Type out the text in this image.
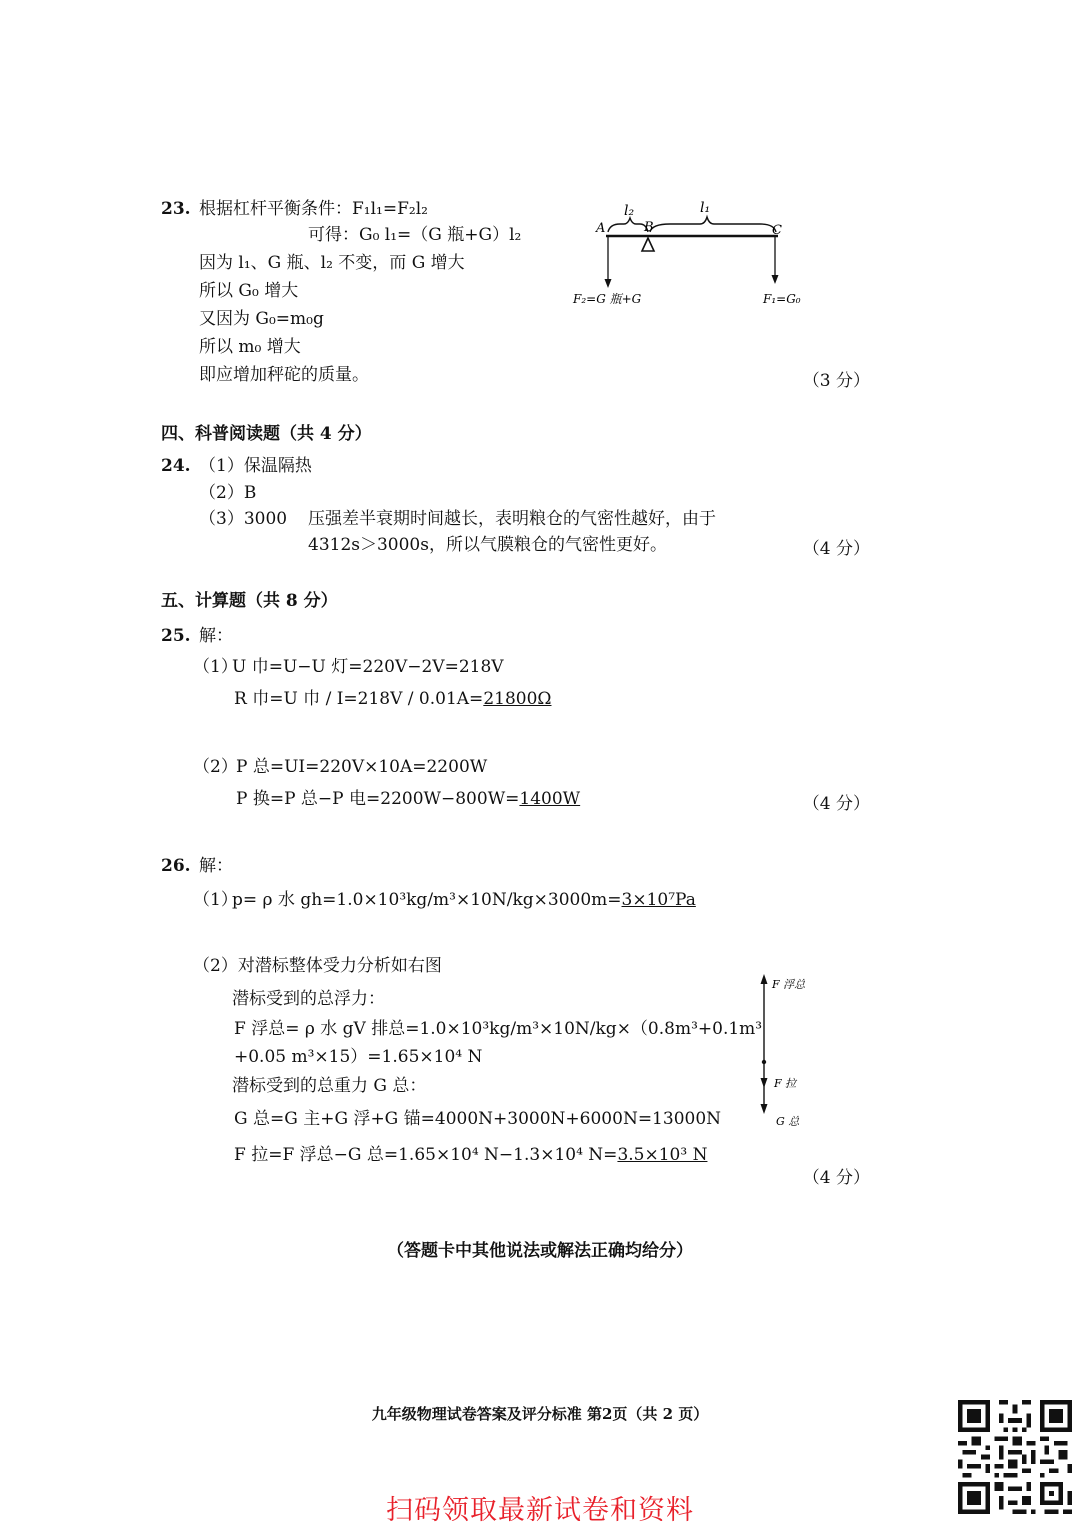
23. 根据杠杆平衡条件：F₁l₁=F₂l₂
可得：G₀ l₁=（G 瓶+G）l₂
因为 l₁、G 瓶、l₂ 不变，而 G 增大
所以 G₀ 增大
又因为 G₀=m₀g
所以 m₀ 增大
即应增加秤砣的质量。	（3 分）
l₂	l₁
A	B	C
F₂=G 瓶+G	F₁=G₀
四、科普阅读题（共 4 分）
24. （1）保温隔热
（2）B
（3）3000 压强差半衰期时间越长，表明粮仓的气密性越好，由于
4312s＞3000s，所以气膜粮仓的气密性更好。	（4 分）
五、计算题（共 8 分）
25. 解：
（1）
U 巾=U−U 灯=220V−2V=218V
R 巾=U 巾 / I=218V / 0.01A=21800Ω
（2）
P 总=UI=220V×10A=2200W
P 换=P 总−P 电=2200W−800W=1400W	（4 分）
26. 解：
（1）
p= ρ 水 gh=1.0×10³kg/m³×10N/kg×3000m=3×10⁷Pa
（2）对潜标整体受力分析如右图
潜标受到的总浮力：
F 浮总= ρ 水 gV 排总=1.0×10³kg/m³×10N/kg×（0.8m³+0.1m³
+0.05 m³×15）=1.65×10⁴ N
潜标受到的总重力 G 总：
G 总=G 主+G 浮+G 锚=4000N+3000N+6000N=13000N
F 拉=F 浮总−G 总=1.65×10⁴ N−1.3×10⁴ N=3.5×10³ N
（4 分）
F 浮总
F 拉
G 总
（答题卡中其他说法或解法正确均给分）
九年级物理试卷答案及评分标准 第2页（共 2 页）
扫码领取最新试卷和资料
